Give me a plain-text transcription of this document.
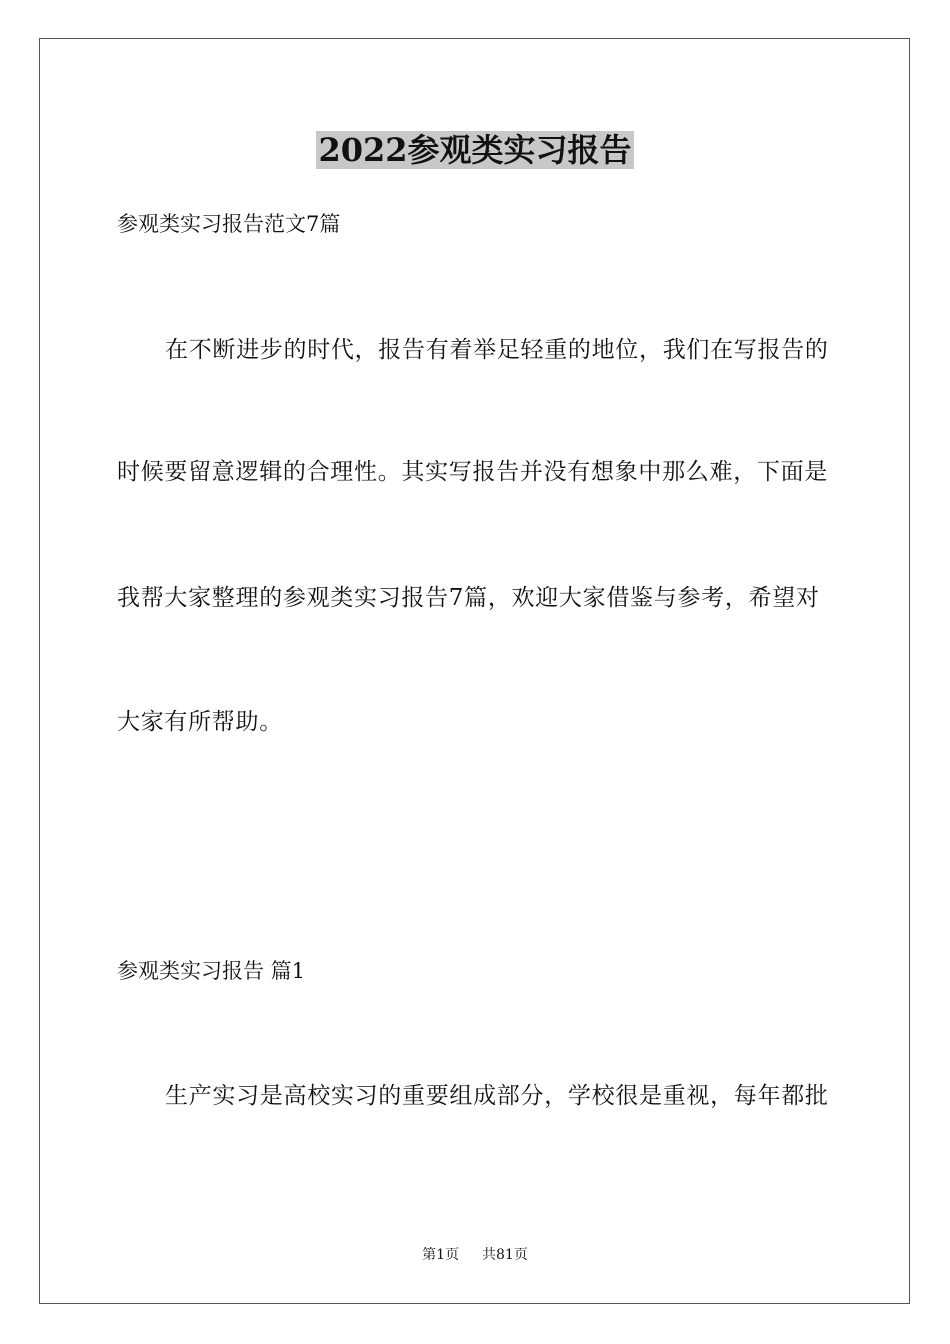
2022参观类实习报告
参观类实习报告范文7篇
在不断进步的时代，报告有着举足轻重的地位，我们在写报告的
时候要留意逻辑的合理性。其实写报告并没有想象中那么难，下面是
我帮大家整理的参观类实习报告7篇，欢迎大家借鉴与参考，希望对
大家有所帮助。
参观类实习报告 篇1
生产实习是高校实习的重要组成部分，学校很是重视，每年都批
第1页 共81页
